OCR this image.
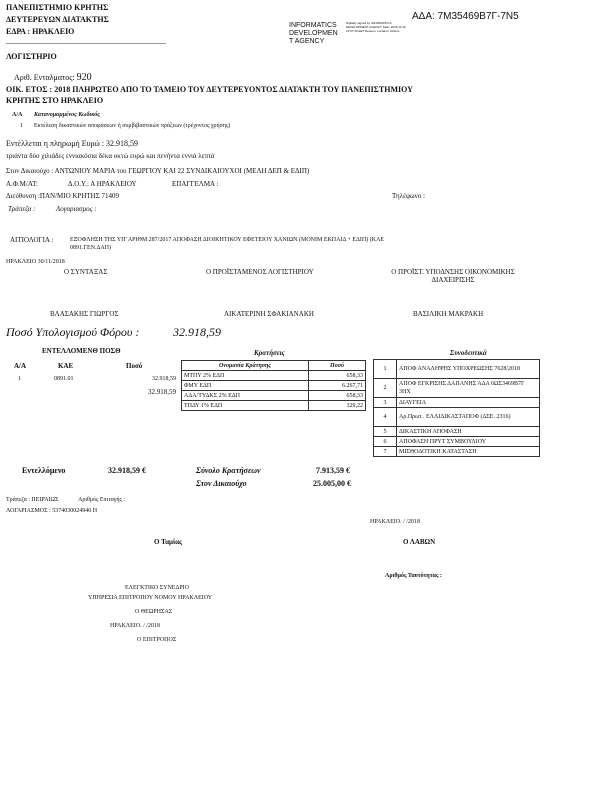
ΠΑΝΕΠΙΣΤΗΜΙΟ ΚΡΗΤΗΣ
ΔΕΥΤΕΡΕΥΩΝ ΔΙΑΤΑΚΤΗΣ
ΕΔΡΑ : ΗΡΑΚΛΕΙΟ
________________________________________
ΛΟΓΙΣΤΗΡΙΟ
INFORMATICS
DEVELOPMEN
T AGENCY
Digitally signed by INFORMATICS DEVELOPMENT AGENCY Date: 2018.11.30 13:57:25 EET Reason: Location: Athens
ΑΔΑ: 7Μ35469Β7Γ-7Ν5
Αριθ. Ενταλματος: 920
ΟΙΚ. ΕΤΟΣ : 2018 ΠΛΗΡΩΤΕΟ ΑΠΟ ΤΟ ΤΑΜΕΙΟ ΤΟΥ ΔΕΥΤΕΡΕΥΟΝΤΟΣ ΔΙΑΤΑΚΤΗ ΤΟΥ ΠΑΝΕΠΙΣΤΗΜΙΟΥ
ΚΡΗΤΗΣ ΣΤΟ ΗΡΑΚΛΕΙΟ
Α/Α Κατανομαμμένος Κωδικός
1 Εκτέλεση δικαστικών αποφάσεων ή συμβιβαστικών πράξεων (τρέχοντος χρήσης)
Εντέλλεται η πληρωμή Ευρώ : 32.918,59
τριάντα δύο χιλιάδες εννιακόσια δέκα οκτώ ευρώ και πενήντα εννιά λεπτά
Στον Δικαιούχο : ΑΝΤΩΝΙΟΥ ΜΑΡΙΑ του ΓΕΩΡΓΙΟΥ ΚΑΙ 22 ΣΥΝΔΙΚΑΙΟΥΧΟΙ (ΜΕΛΗ ΔΕΠ & ΕΔΙΠ)
Α.Φ.Μ/ΑΤ:	Δ.Ο.Υ.: Α ΗΡΑΚΛΕΙΟΥ	ΕΠΑΓΓΕΛΜΑ :
Διεύθυνση :ΠΑΝ/ΜΙΟ ΚΡΗΤΗΣ 71409	Τηλέφωνο :
Τράπεζα :	Λογαριασμος :
ΑΙΤΙΟΛΟΓΙΑ :	ΕΞΟΦΛΗΣΗ ΤΗΣ ΥΠ' ΑΡΙΘΜ 287/2017 ΑΠΟΦΑΣΗ ΔΙΟΙΚΗΤΙΚΟΥ ΕΦΕΤΕΙΟΥ ΧΑΝΙΩΝ (ΜΟΝΙΜ ΕΚΠΑΙΔ + ΕΔΙΠ) (ΚΑΕ
0891.ΓΕΝ.ΔΑΠ)
ΗΡΑΚΛΕΙΟ 30/11/2018
Ο ΣΥΝΤΑΞΑΣ	Ο ΠΡΟΪΣΤΑΜΕΝΟΣ ΛΟΓΙΣΤΗΡΙΟΥ	Ο ΠΡΟΪΣΤ. ΥΠΟΔΝΣΗΣ ΟΙΚΟΝΟΜΙΚΗΣ
ΔΙΑΧΕΙΡΙΣΗΣ
ΒΛΑΣΑΚΗΣ ΓΙΩΡΓΟΣ	ΑΙΚΑΤΕΡΙΝΗ ΣΦΑΚΙΑΝΑΚΗ	ΒΑΣΙΛΙΚΗ ΜΑΚΡΑΚΗ
Ποσό Υπολογισμού Φόρου :	32.918,59
ΕΝΤΕΛΛΟΜΕΝΘ ΠΟΣΘ
Α/Α	ΚΑΕ	Ποσό
1	0891.01	32.918,59
32.918,59
Κρατήσεις
Ονομασία Κράτησης	Ποσό
ΜΤΠΥ 2% ΕΔΠ	658,33
ΦΜΥ ΕΔΠ	6.267,71
ΑΔΑ/ΤΥΔΚΣ 2% ΕΔΠ	658,33
ΤΠΔΥ 1% ΕΔΠ	329,22
Συνοδευτικά
1	ΑΠΟΦ ΑΝΑΛΗΨΗΣ ΥΠΟΧΡΕΩΣΗΣ 7628/2018
2	ΑΠΟΦ ΕΓΚΡΙΣΗΣ ΔΑΠΑΝΗΣ ΑΔΑ 6ΩΣ3469Β7Γ 3ΗΧ
3	ΔΙΑΥΓΕΙΑ
4	Αρ.Πρωτ . ΕΛΛΙΔΙΚΑΣΤΑΠΟΦ (ΔΣΕ. 2316)
5	ΔΙΚΑΣΤΙΚΗ ΑΠΟΦΑΣΗ
6	ΑΠΟΦΑΣΗ ΠΡΥΤ ΣΥΜΒΟΥΛΙΟΥ
7	ΜΙΣΘΟΔΟΤΙΚΗ ΚΑΤΑΣΤΑΣΗ
Εντελλόμενο	32.918,59 €	Σύνολο Κρατήσεων	7.913,59 €
Στον Δικαιούχο	25.005,00 €
Τράπεζα : ΠΕΙΡΑΙΩΣ	Αριθμός Επιταγής :
ΛΟΓΑΡΙΑΣΜΟΣ : 5374030024940 Η
ΗΡΑΚΛΕΙΟ. / /2018
Ο Ταμίας	Ο ΛΑΒΩΝ
Αριθμός Ταυτότητας :
ΕΛΕΓΚΤΙΚΟ ΣΥΝΕΔΡΙΟ
ΥΠΗΡΕΣΙΑ ΕΠΙΤΡΟΠΟΥ ΝΟΜΟΥ ΗΡΑΚΛΕΙΟΥ
Ο ΘΕΩΡΗΣΑΣ
ΗΡΑΚΛΕΙΟ. / /2018
Ο ΕΠΙΤΡΟΠΟΣ
